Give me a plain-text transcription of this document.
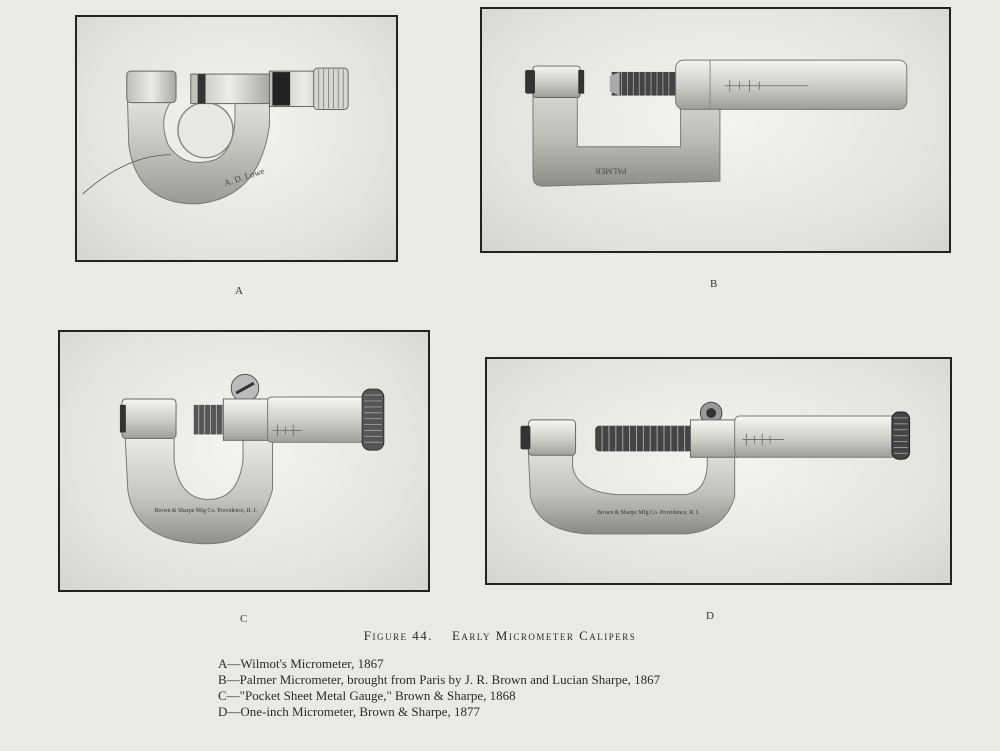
A. D. Lowe
A
PALMER
B
Brown & Sharpe Mfg Co. Providence, R. I.
C
Brown & Sharpe Mfg Co. Providence, R. I.
D
Figure 44. Early Micrometer Calipers
A—Wilmot's Micrometer, 1867
B—Palmer Micrometer, brought from Paris by J. R. Brown and Lucian Sharpe, 1867
C—"Pocket Sheet Metal Gauge," Brown & Sharpe, 1868
D—One-inch Micrometer, Brown & Sharpe, 1877
